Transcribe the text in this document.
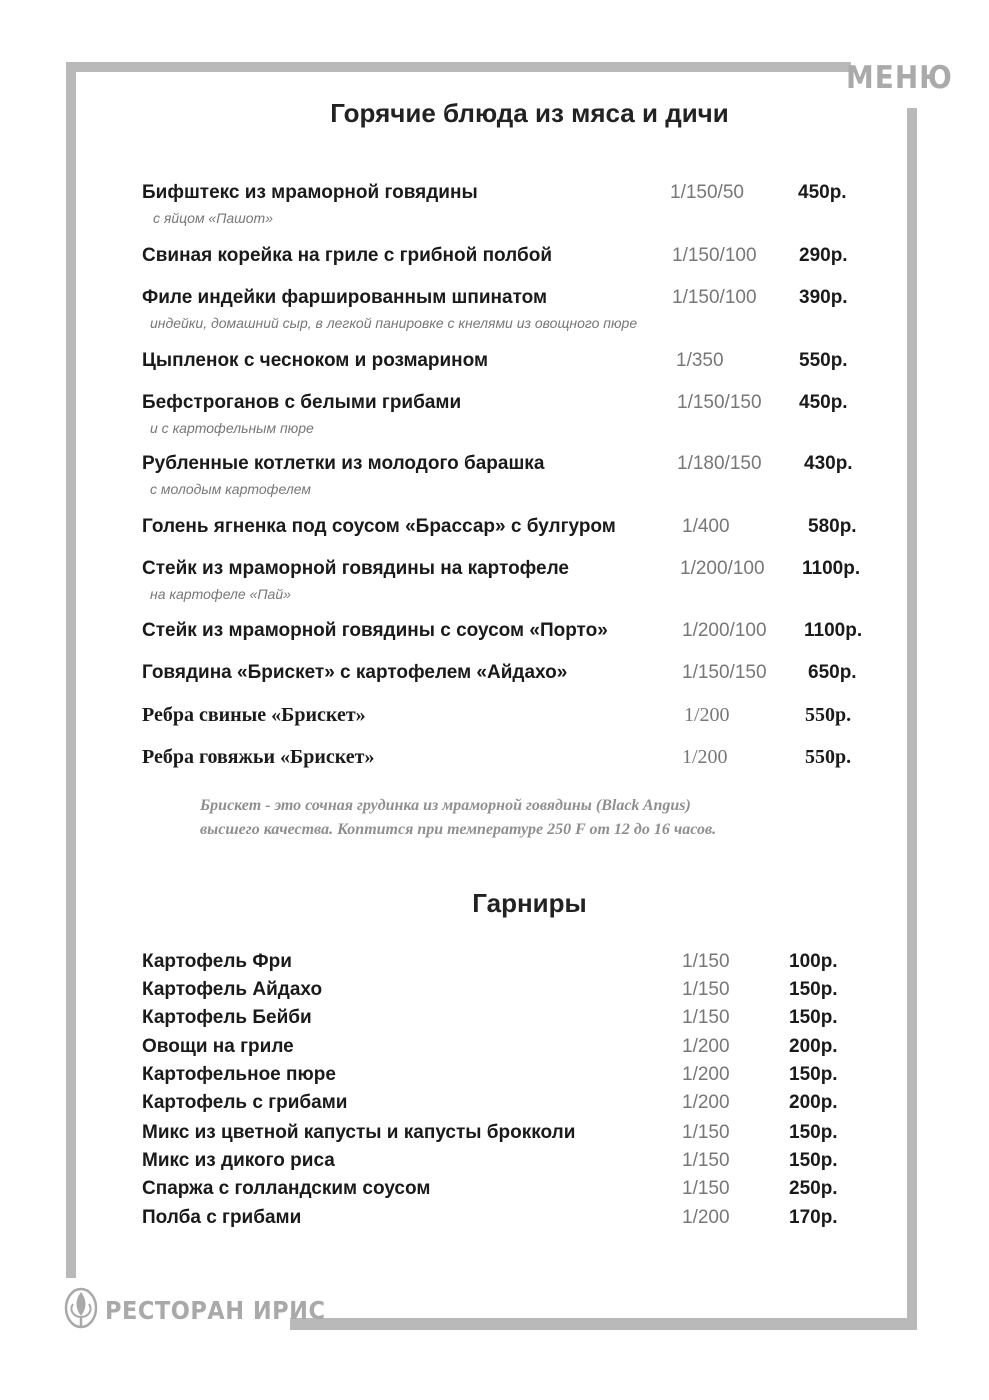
МЕНЮ
Горячие блюда из мяса и дичи
Бифштекс из мраморной говядины	1/150/50	450р.
с яйцом «Пашот»
Свиная корейка на гриле с грибной полбой	1/150/100 290р.
Филе индейки фаршированным шпинатом	1/150/100 390р.
индейки, домашний сыр, в легкой панировке с кнелями из овощного пюре
Цыпленок с чесноком и розмарином	1/350	550р.
Бефстроганов с белыми грибами	1/150/150 450р.
и с картофельным пюре
Рубленные котлетки из молодого барашка	1/180/150 430р.
с молодым картофелем
Голень ягненка под соусом «Брассар» с булгуром	1/400	580р.
Стейк из мраморной говядины на картофеле	1/200/100 1100р.
на картофеле «Пай»
Стейк из мраморной говядины с соусом «Порто»	1/200/100 1100р.
Говядина «Брискет» с картофелем «Айдахо»	1/150/150 650р.
Ребра свиные «Брискет»	1/200	550р.
Ребра говяжьи «Брискет»	1/200	550р.
Брискет - это сочная грудинка из мраморной говядины (Black Angus)
высшего качества. Коптится при температуре 250 F от 12 до 16 часов.
Гарниры
Картофель Фри	1/150	100р.
Картофель Айдахо	1/150	150р.
Картофель Бейби	1/150	150р.
Овощи на гриле	1/200	200р.
Картофельное пюре	1/200	150р.
Картофель с грибами	1/200	200р.
Микс из цветной капусты и капусты брокколи	1/150	150р.
Микс из дикого риса	1/150	150р.
Спаржа с голландским соусом	1/150	250р.
Полба с грибами	1/200	170р.
РЕСТОРАН ИРИС
